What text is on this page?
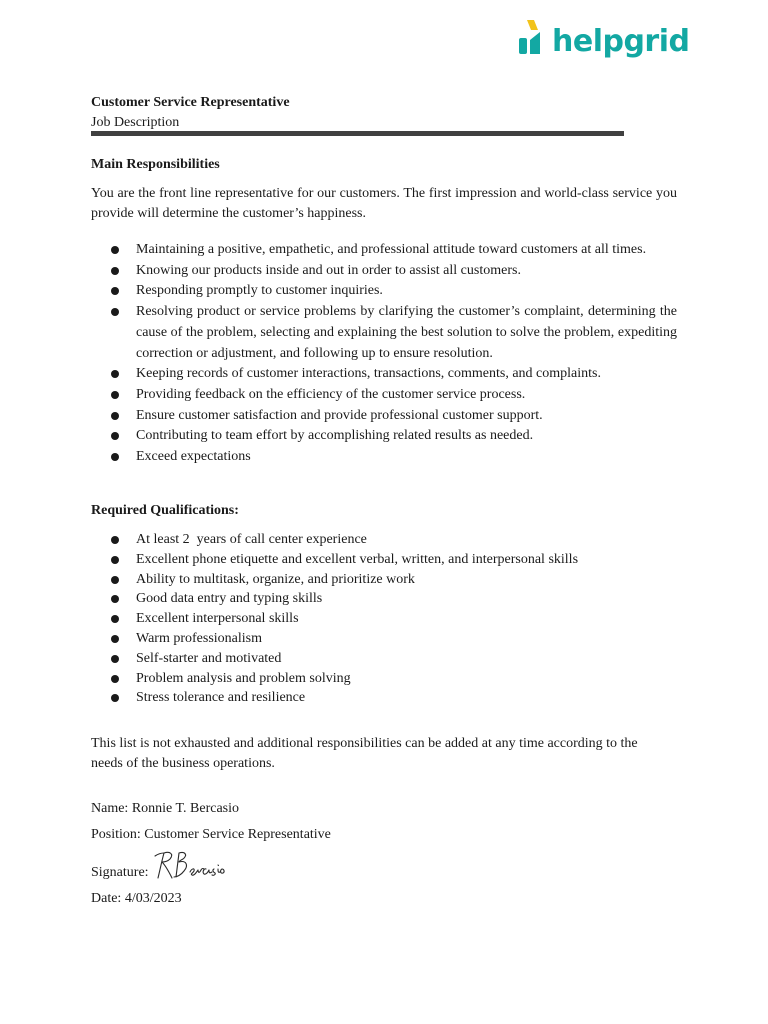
helpgrid
Customer Service Representative
Job Description
Main Responsibilities
You are the front line representative for our customers. The first impression and world-class service you provide will determine the customer’s happiness.
Maintaining a positive, empathetic, and professional attitude toward customers at all times.
Knowing our products inside and out in order to assist all customers.
Responding promptly to customer inquiries.
Resolving product or service problems by clarifying the customer’s complaint, determining the cause of the problem, selecting and explaining the best solution to solve the problem, expediting correction or adjustment, and following up to ensure resolution.
Keeping records of customer interactions, transactions, comments, and complaints.
Providing feedback on the efficiency of the customer service process.
Ensure customer satisfaction and provide professional customer support.
Contributing to team effort by accomplishing related results as needed.
Exceed expectations
Required Qualifications:
At least 2  years of call center experience
Excellent phone etiquette and excellent verbal, written, and interpersonal skills
Ability to multitask, organize, and prioritize work
Good data entry and typing skills
Excellent interpersonal skills
Warm professionalism
Self-starter and motivated
Problem analysis and problem solving
Stress tolerance and resilience
This list is not exhausted and additional responsibilities can be added at any time according to the needs of the business operations.
Name: Ronnie T. Bercasio
Position: Customer Service Representative
Signature:
Date: 4/03/2023
